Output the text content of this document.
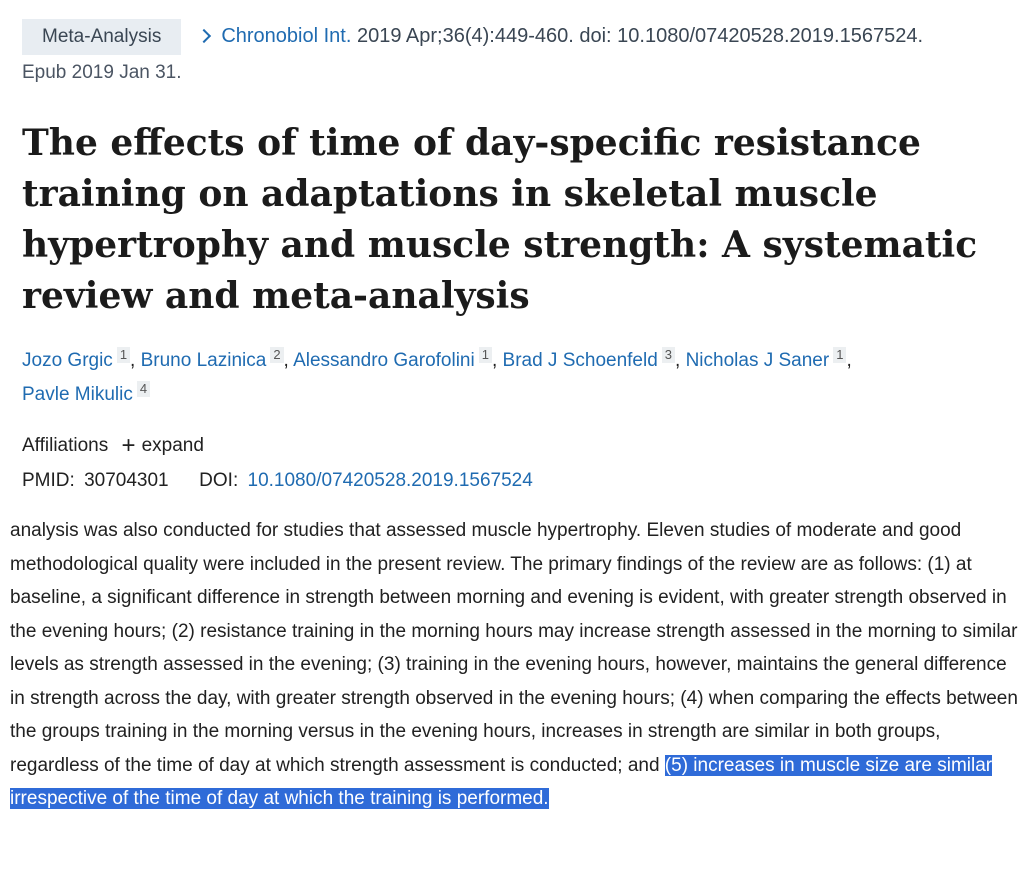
Meta-Analysis	Chronobiol Int. 2019 Apr;36(4):449-460. doi: 10.1080/07420528.2019.1567524.
Epub 2019 Jan 31.
The effects of time of day-specific resistance training on adaptations in skeletal muscle hypertrophy and muscle strength: A systematic review and meta-analysis
Jozo Grgic 1 , Bruno Lazinica 2 , Alessandro Garofolini 1 , Brad J Schoenfeld 3 , Nicholas J Saner 1 ,
Pavle Mikulic 4
Affiliations + expand
PMID: 30704301 DOI: 10.1080/07420528.2019.1567524

analysis was also conducted for studies that assessed muscle hypertrophy. Eleven studies of moderate and good methodological quality were included in the present review. The primary findings of the review are as follows: (1) at baseline, a significant difference in strength between morning and evening is evident, with greater strength observed in the evening hours; (2) resistance training in the morning hours may increase strength assessed in the morning to similar levels as strength assessed in the evening; (3) training in the evening hours, however, maintains the general difference in strength across the day, with greater strength observed in the evening hours; (4) when comparing the effects between the groups training in the morning versus in the evening hours, increases in strength are similar in both groups, regardless of the time of day at which strength assessment is conducted; and (5) increases in muscle size are similar irrespective of the time of day at which the training is performed.
